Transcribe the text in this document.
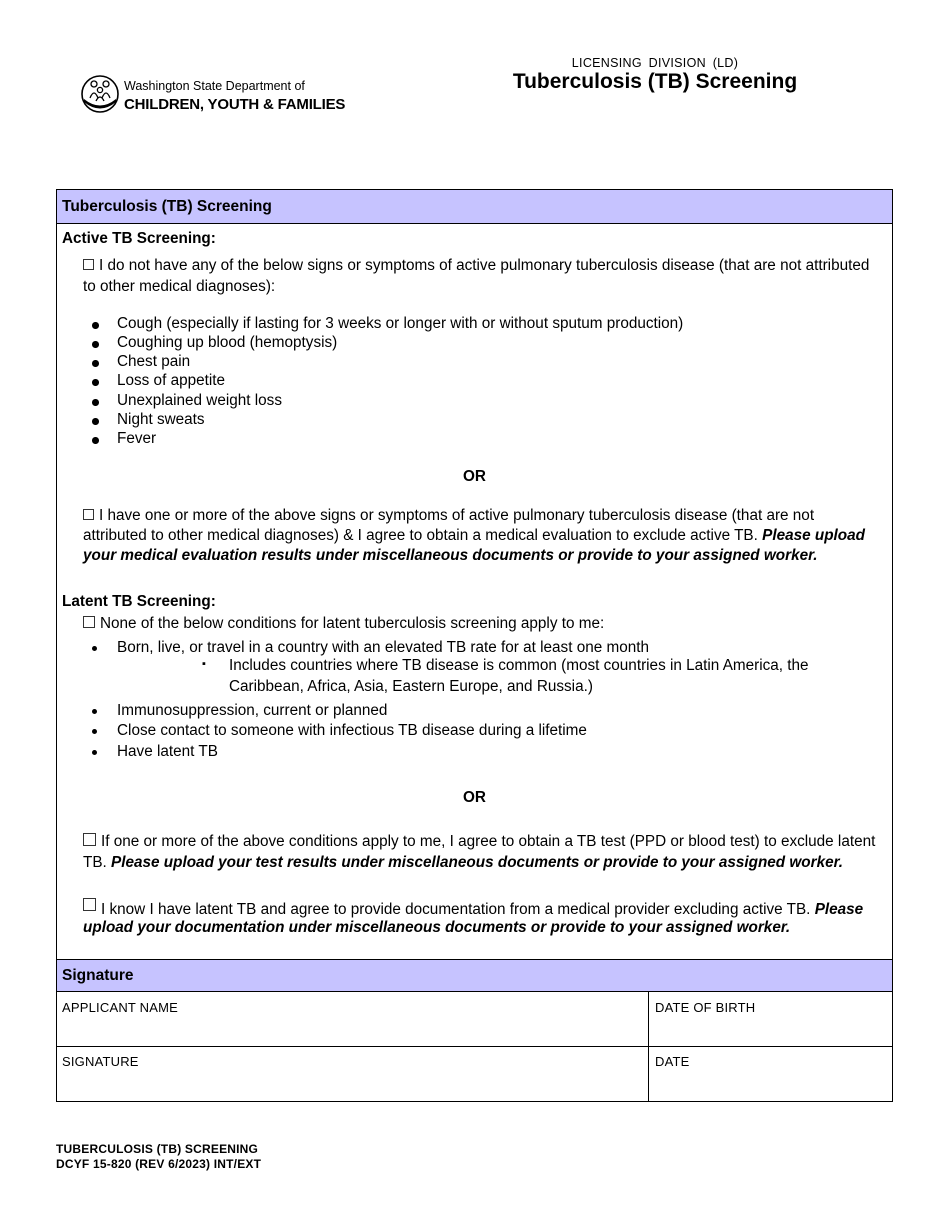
Washington State Department of
CHILDREN, YOUTH & FAMILIES
LICENSING DIVISION (LD)
Tuberculosis (TB) Screening
Tuberculosis (TB) Screening
Active TB Screening:
I do not have any of the below signs or symptoms of active pulmonary tuberculosis disease (that are not attributed
to other medical diagnoses):
Cough (especially if lasting for 3 weeks or longer with or without sputum production)
Coughing up blood (hemoptysis)
Chest pain
Loss of appetite
Unexplained weight loss
Night sweats
Fever
OR
I have one or more of the above signs or symptoms of active pulmonary tuberculosis disease (that are not
attributed to other medical diagnoses) & I agree to obtain a medical evaluation to exclude active TB. Please upload
your medical evaluation results under miscellaneous documents or provide to your assigned worker.
Latent TB Screening:
None of the below conditions for latent tuberculosis screening apply to me:
Born, live, or travel in a country with an elevated TB rate for at least one month
▪ Includes countries where TB disease is common (most countries in Latin America, the
Caribbean, Africa, Asia, Eastern Europe, and Russia.)
Immunosuppression, current or planned
Close contact to someone with infectious TB disease during a lifetime
Have latent TB
OR
If one or more of the above conditions apply to me, I agree to obtain a TB test (PPD or blood test) to exclude latent
TB. Please upload your test results under miscellaneous documents or provide to your assigned worker.
I know I have latent TB and agree to provide documentation from a medical provider excluding active TB. Please
upload your documentation under miscellaneous documents or provide to your assigned worker.
Signature
APPLICANT NAME	DATE OF BIRTH
SIGNATURE	DATE
TUBERCULOSIS (TB) SCREENING
DCYF 15-820 (REV 6/2023) INT/EXT
